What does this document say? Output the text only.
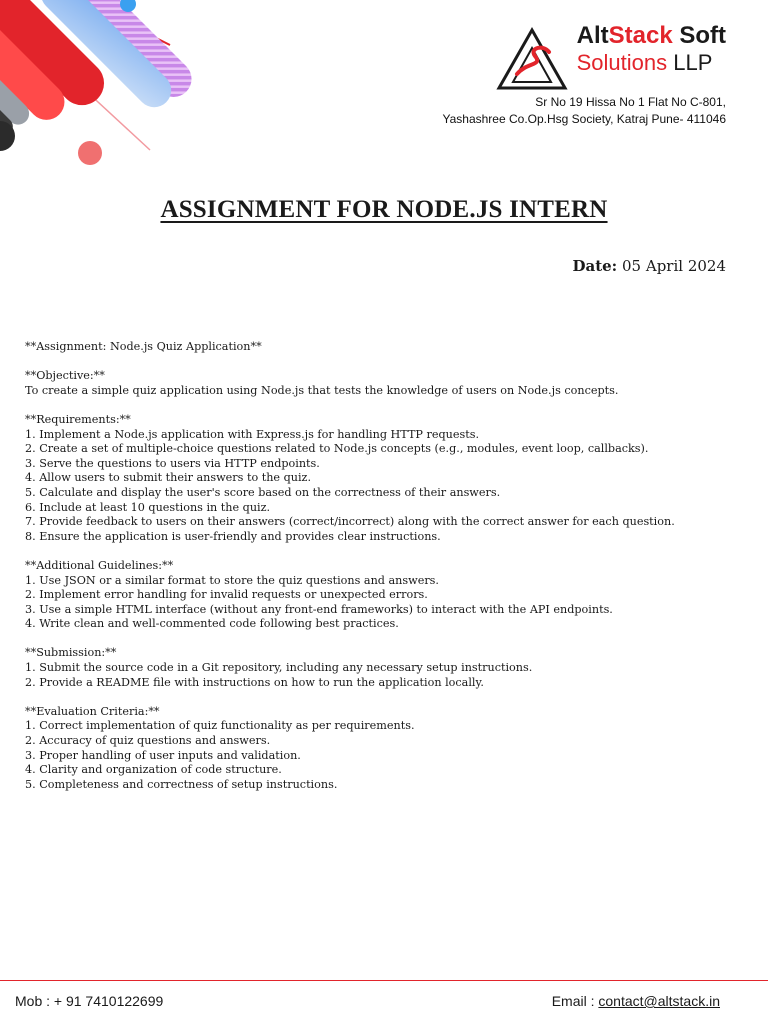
AltStack Soft
Solutions LLP
Sr No 19 Hissa No 1 Flat No C-801,
Yashashree Co.Op.Hsg Society, Katraj Pune- 411046
ASSIGNMENT FOR NODE.JS INTERN
Date: 05 April 2024

**Assignment: Node.js Quiz Application**

**Objective:**

To create a simple quiz application using Node.js that tests the knowledge of users on Node.js concepts.

**Requirements:**

1. Implement a Node.js application with Express.js for handling HTTP requests.

2. Create a set of multiple-choice questions related to Node.js concepts (e.g., modules, event loop, callbacks).

3. Serve the questions to users via HTTP endpoints.

4. Allow users to submit their answers to the quiz.

5. Calculate and display the user's score based on the correctness of their answers.

6. Include at least 10 questions in the quiz.

7. Provide feedback to users on their answers (correct/incorrect) along with the correct answer for each question.

8. Ensure the application is user-friendly and provides clear instructions.

**Additional Guidelines:**

1. Use JSON or a similar format to store the quiz questions and answers.

2. Implement error handling for invalid requests or unexpected errors.

3. Use a simple HTML interface (without any front-end frameworks) to interact with the API endpoints.

4. Write clean and well-commented code following best practices.

**Submission:**

1. Submit the source code in a Git repository, including any necessary setup instructions.

2. Provide a README file with instructions on how to run the application locally.

**Evaluation Criteria:**

1. Correct implementation of quiz functionality as per requirements.

2. Accuracy of quiz questions and answers.

3. Proper handling of user inputs and validation.

4. Clarity and organization of code structure.

5. Completeness and correctness of setup instructions.

Mob : + 91 7410122699	Email : contact@altstack.in
